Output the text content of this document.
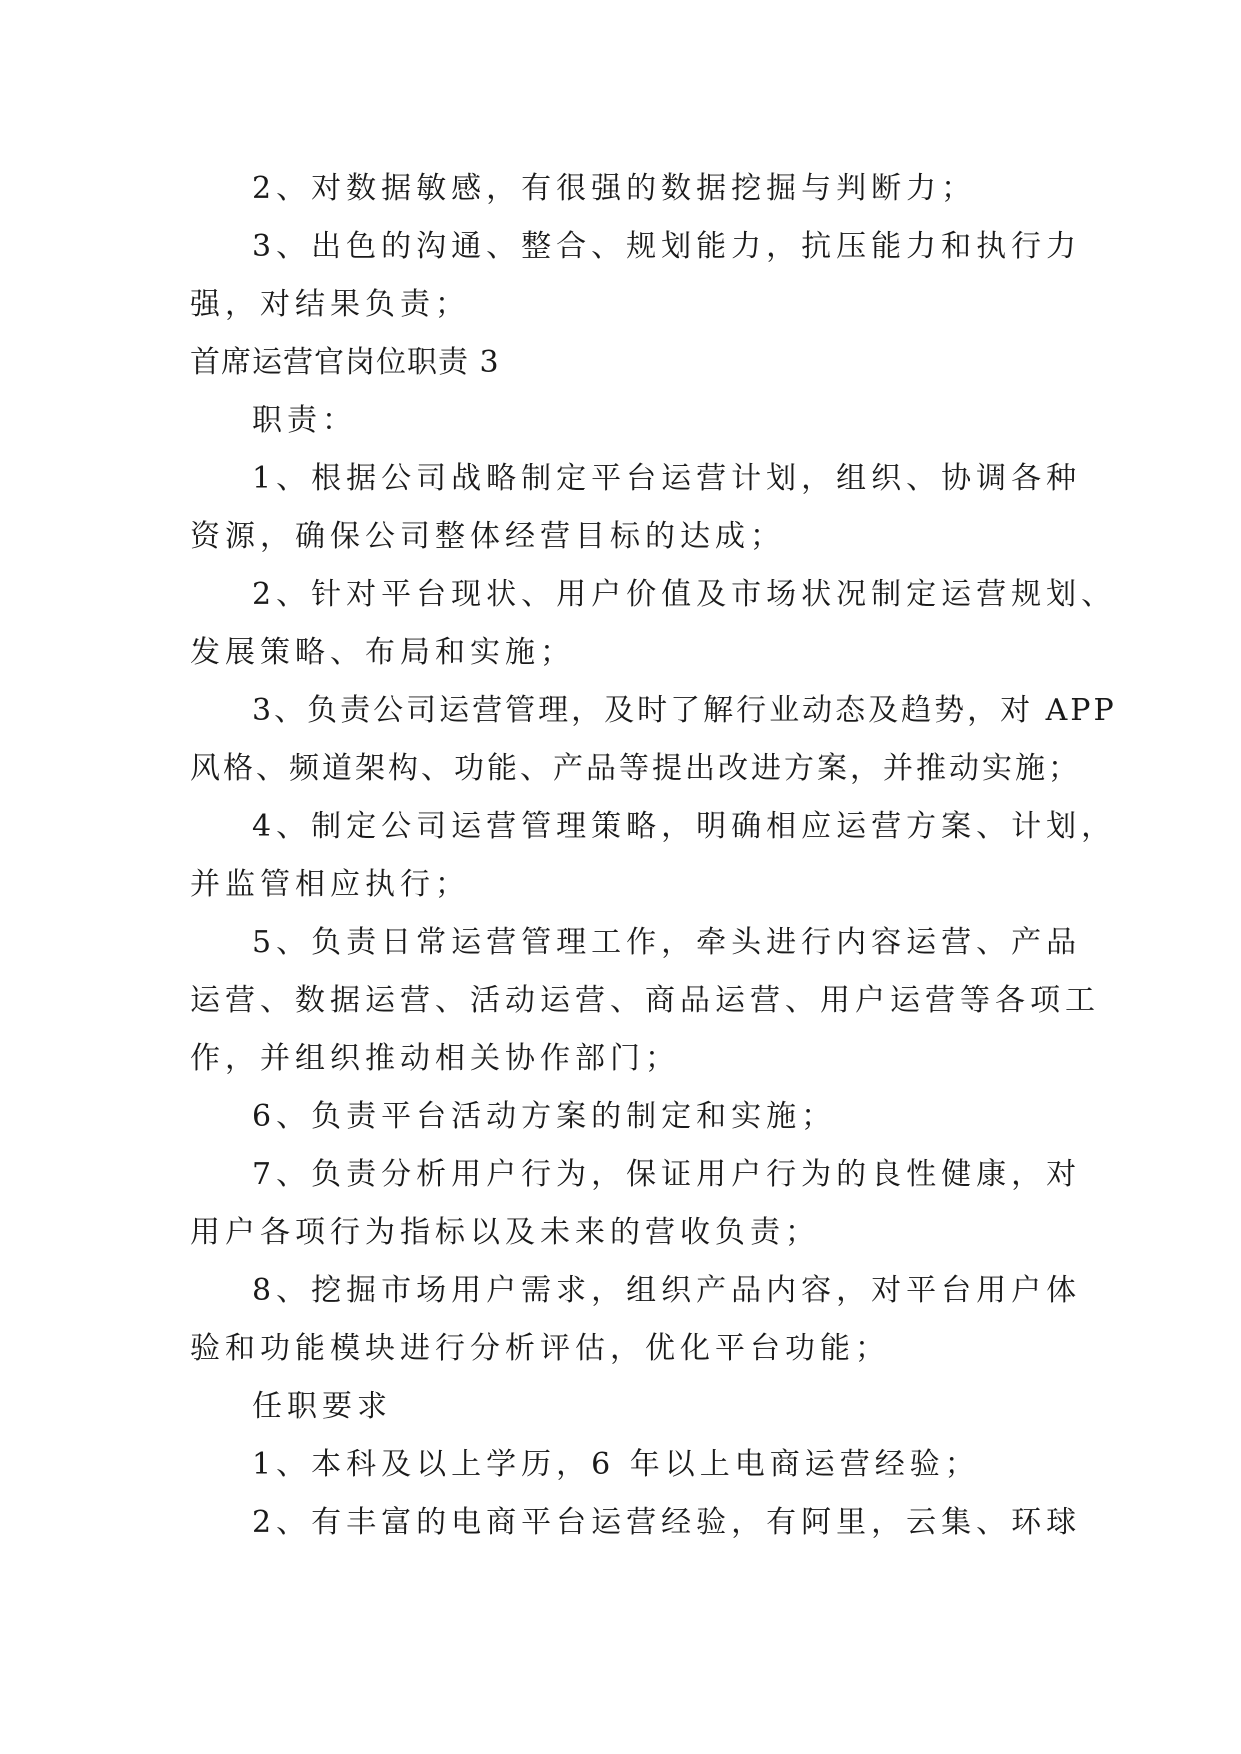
2、对数据敏感，有很强的数据挖掘与判断力；
3、出色的沟通、整合、规划能力，抗压能力和执行力
强，对结果负责；
首席运营官岗位职责 3
职责：
1、根据公司战略制定平台运营计划，组织、协调各种
资源，确保公司整体经营目标的达成；
2、针对平台现状、用户价值及市场状况制定运营规划、
发展策略、布局和实施；
3、负责公司运营管理，及时了解行业动态及趋势，对 APP
风格、频道架构、功能、产品等提出改进方案，并推动实施；
4、制定公司运营管理策略，明确相应运营方案、计划，
并监管相应执行；
5、负责日常运营管理工作，牵头进行内容运营、产品
运营、数据运营、活动运营、商品运营、用户运营等各项工
作，并组织推动相关协作部门；
6、负责平台活动方案的制定和实施；
7、负责分析用户行为，保证用户行为的良性健康，对
用户各项行为指标以及未来的营收负责；
8、挖掘市场用户需求，组织产品内容，对平台用户体
验和功能模块进行分析评估，优化平台功能；
任职要求
1、本科及以上学历，6 年以上电商运营经验；
2、有丰富的电商平台运营经验，有阿里，云集、环球
